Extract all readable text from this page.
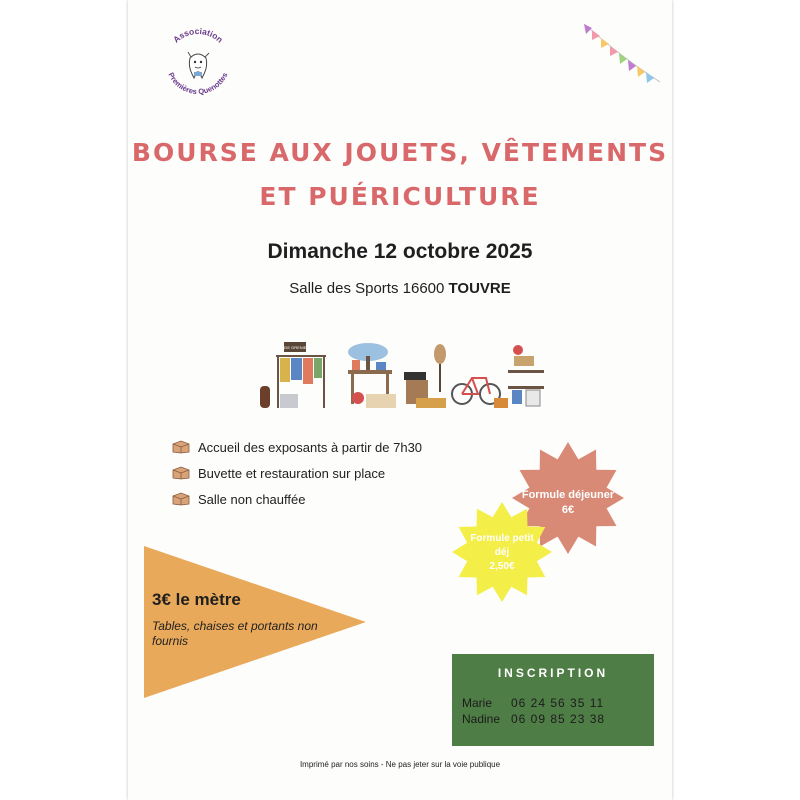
Association
Premières Quenottes
BOURSE AUX JOUETS, VÊTEMENTS
ET PUÉRICULTURE
Dimanche 12 octobre 2025
Salle des Sports 16600 TOUVRE
VIDE GRENIER
Accueil des exposants à partir de 7h30
Buvette et restauration sur place
Salle non chauffée	Formule déjeuner
6€
Formule petit
déj
2,50€
3€ le mètre
Tables, chaises et portants non fournis
INSCRIPTION
Marie 06 24 56 35 11
Nadine 06 09 85 23 38
Imprimé par nos soins - Ne pas jeter sur la voie publique
